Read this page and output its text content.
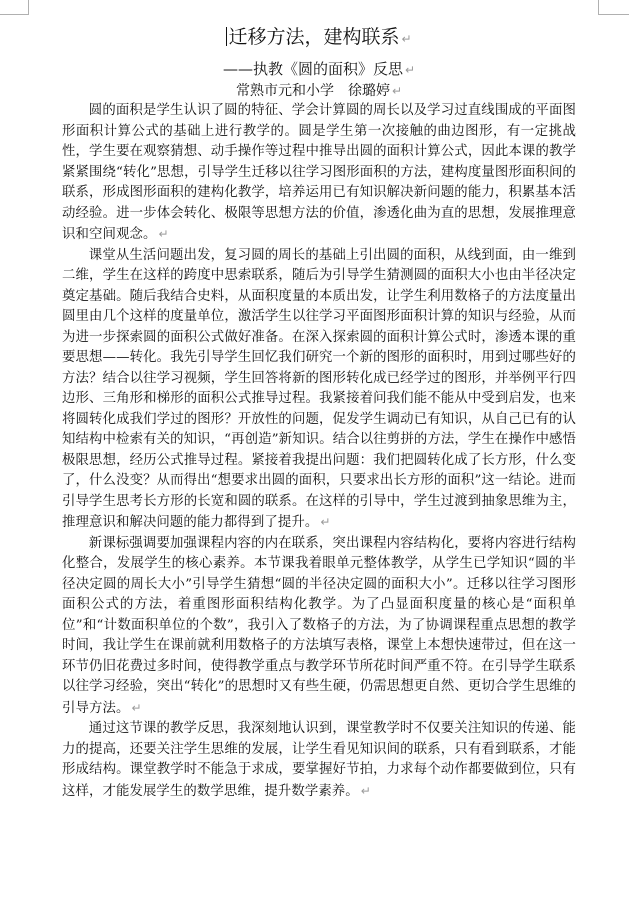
迁移方法，建构联系 ↵
——执教《圆的面积》反思 ↵
常熟市元和小学　徐璐婷 ↵

圆的面积是学生认识了圆的特征、学会计算圆的周长以及学习过直线围成的平面图形面积计算公式的基础上进行教学的。圆是学生第一次接触的曲边图形，有一定挑战性，学生要在观察猜想、动手操作等过程中推导出圆的面积计算公式，因此本课的教学紧紧围绕“转化”思想，引导学生迁移以往学习图形面积的方法，建构度量图形面积间的联系，形成图形面积的建构化教学，培养运用已有知识解决新问题的能力，积累基本活动经验。进一步体会转化、极限等思想方法的价值，渗透化曲为直的思想，发展推理意识和空间观念。 ↵

课堂从生活问题出发，复习圆的周长的基础上引出圆的面积，从线到面，由一维到二维，学生在这样的跨度中思索联系，随后为引导学生猜测圆的面积大小也由半径决定奠定基础。随后我结合史料，从面积度量的本质出发，让学生利用数格子的方法度量出圆里由几个这样的度量单位，激活学生以往学习平面图形面积计算的知识与经验，从而为进一步探索圆的面积公式做好准备。在深入探索圆的面积计算公式时，渗透本课的重要思想——转化。我先引导学生回忆我们研究一个新的图形的面积时，用到过哪些好的方法？结合以往学习视频，学生回答将新的图形转化成已经学过的图形，并举例平行四边形、三角形和梯形的面积公式推导过程。我紧接着问我们能不能从中受到启发，也来将圆转化成我们学过的图形？开放性的问题，促发学生调动已有知识，从自己已有的认知结构中检索有关的知识，“再创造”新知识。结合以往剪拼的方法，学生在操作中感悟极限思想，经历公式推导过程。紧接着我提出问题：我们把圆转化成了长方形，什么变了，什么没变？从而得出“想要求出圆的面积，只要求出长方形的面积”这一结论。进而引导学生思考长方形的长宽和圆的联系。在这样的引导中，学生过渡到抽象思维为主，推理意识和解决问题的能力都得到了提升。 ↵

新课标强调要加强课程内容的内在联系，突出课程内容结构化，要将内容进行结构化整合，发展学生的核心素养。本节课我着眼单元整体教学，从学生已学知识“圆的半径决定圆的周长大小”引导学生猜想“圆的半径决定圆的面积大小”。迁移以往学习图形面积公式的方法，着重图形面积结构化教学。为了凸显面积度量的核心是“面积单位”和“计数面积单位的个数”，我引入了数格子的方法，为了协调课程重点思想的教学时间，我让学生在课前就利用数格子的方法填写表格，课堂上本想快速带过，但在这一环节仍旧花费过多时间，使得教学重点与教学环节所花时间严重不符。在引导学生联系以往学习经验，突出“转化”的思想时又有些生硬，仍需思想更自然、更切合学生思维的引导方法。 ↵

通过这节课的教学反思，我深刻地认识到，课堂教学时不仅要关注知识的传递、能力的提高，还要关注学生思维的发展，让学生看见知识间的联系，只有看到联系，才能形成结构。课堂教学时不能急于求成，要掌握好节拍，力求每个动作都要做到位，只有这样，才能发展学生的数学思维，提升数学素养。 ↵
